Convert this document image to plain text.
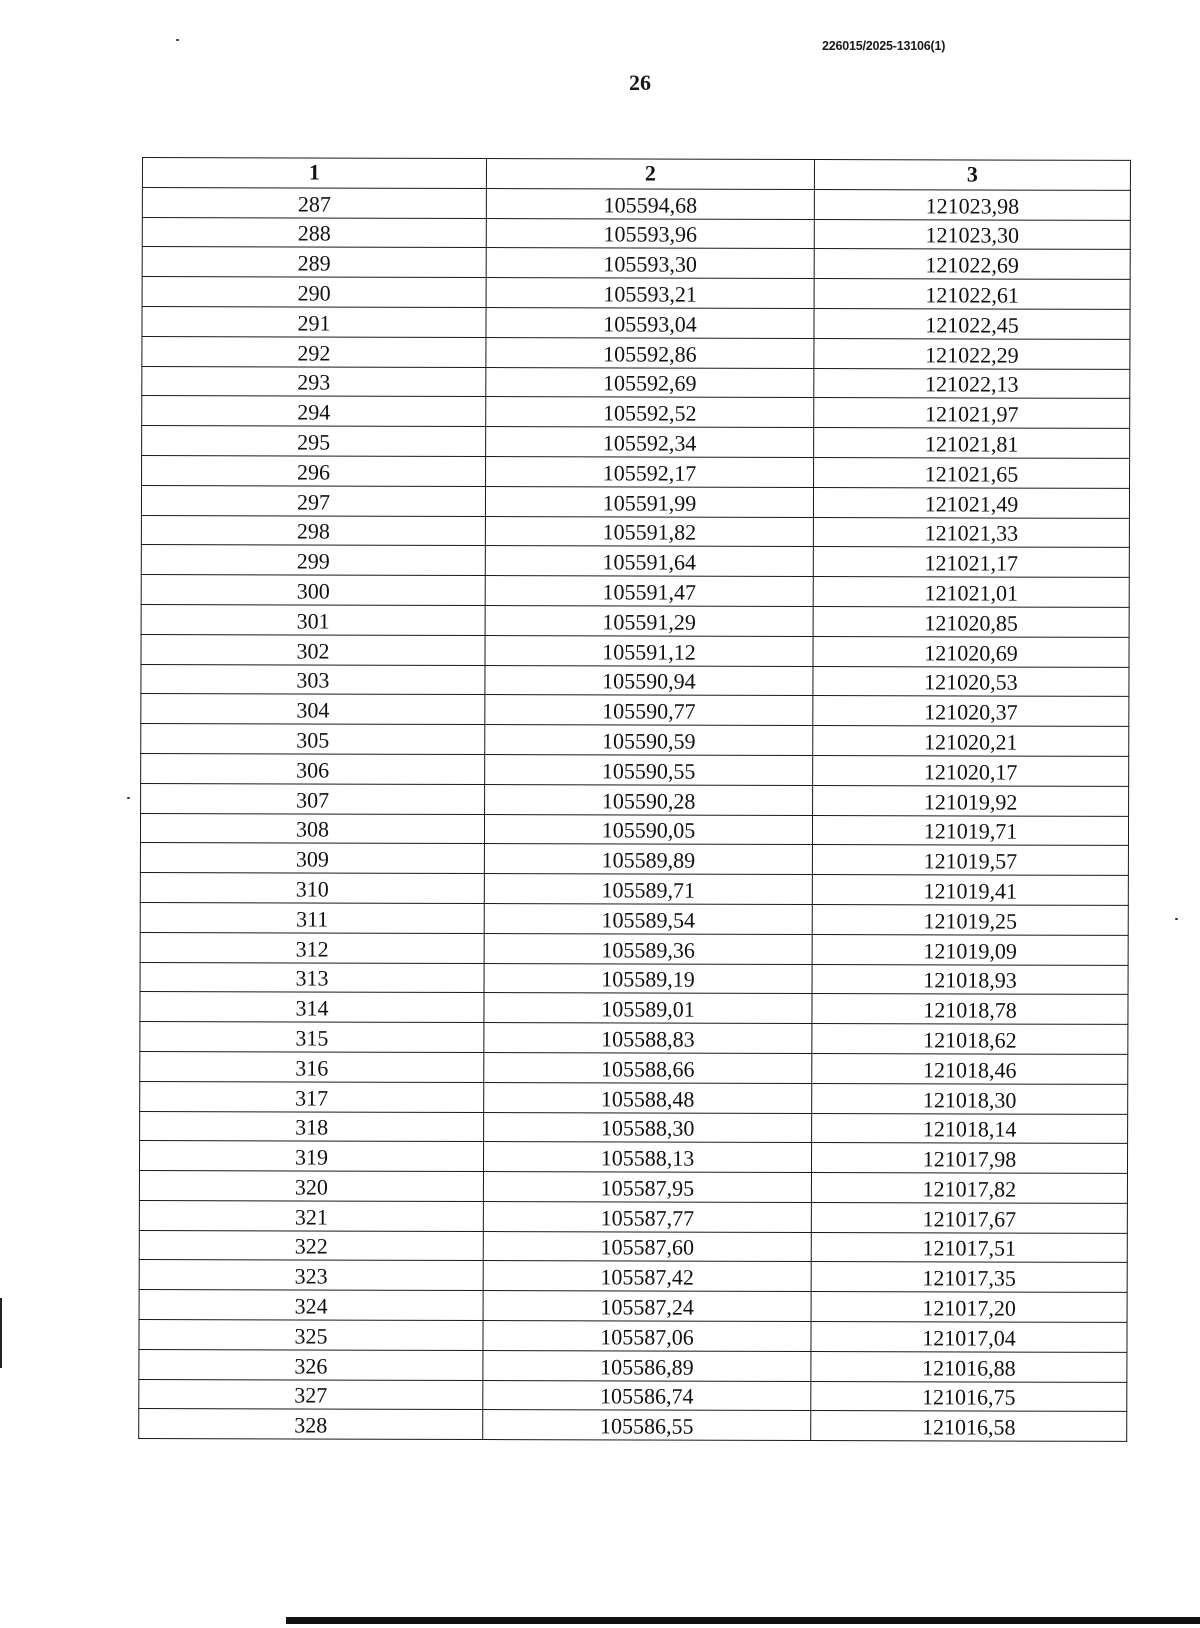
226015/2025-13106(1)
26
1	2	3
287	105594,68	121023,98
288	105593,96	121023,30
289	105593,30	121022,69
290	105593,21	121022,61
291	105593,04	121022,45
292	105592,86	121022,29
293	105592,69	121022,13
294	105592,52	121021,97
295	105592,34	121021,81
296	105592,17	121021,65
297	105591,99	121021,49
298	105591,82	121021,33
299	105591,64	121021,17
300	105591,47	121021,01
301	105591,29	121020,85
302	105591,12	121020,69
303	105590,94	121020,53
304	105590,77	121020,37
305	105590,59	121020,21
306	105590,55	121020,17
307	105590,28	121019,92
308	105590,05	121019,71
309	105589,89	121019,57
310	105589,71	121019,41
311	105589,54	121019,25
312	105589,36	121019,09
313	105589,19	121018,93
314	105589,01	121018,78
315	105588,83	121018,62
316	105588,66	121018,46
317	105588,48	121018,30
318	105588,30	121018,14
319	105588,13	121017,98
320	105587,95	121017,82
321	105587,77	121017,67
322	105587,60	121017,51
323	105587,42	121017,35
324	105587,24	121017,20
325	105587,06	121017,04
326	105586,89	121016,88
327	105586,74	121016,75
328	105586,55	121016,58
